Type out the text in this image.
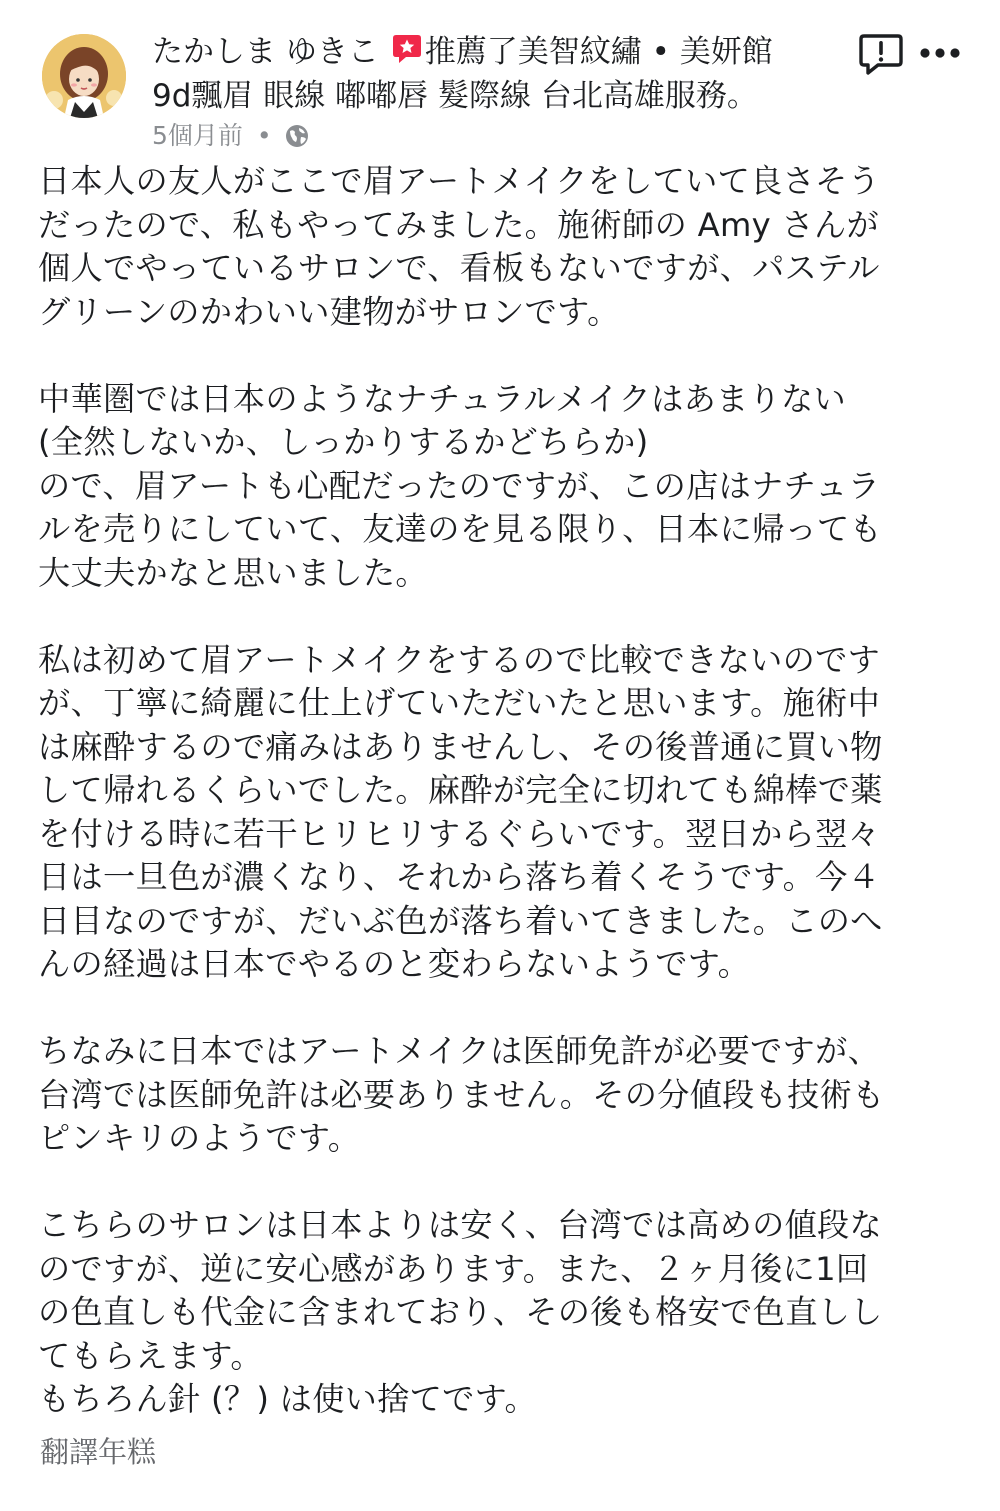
たかしま ゆきこ 推薦了美智紋繡 • 美妍館
9d飄眉 眼線 嘟嘟唇 髮際線 台北高雄服務。
5個月前 •

日本人の友人がここで眉アートメイクをしていて良さそう
だったので、私もやってみました。施術師の Amy さんが
個人でやっているサロンで、看板もないですが、パステル
グリーンのかわいい建物がサロンです。

中華圏では日本のようなナチュラルメイクはあまりない
(全然しないか、しっかりするかどちらか)
ので、眉アートも心配だったのですが、この店はナチュラ
ルを売りにしていて、友達のを見る限り、日本に帰っても
大丈夫かなと思いました。

私は初めて眉アートメイクをするので比較できないのです
が、丁寧に綺麗に仕上げていただいたと思います。施術中
は麻酔するので痛みはありませんし、その後普通に買い物
して帰れるくらいでした。麻酔が完全に切れても綿棒で薬
を付ける時に若干ヒリヒリするぐらいです。翌日から翌々
日は一旦色が濃くなり、それから落ち着くそうです。今４
日目なのですが、だいぶ色が落ち着いてきました。このへ
んの経過は日本でやるのと変わらないようです。

ちなみに日本ではアートメイクは医師免許が必要ですが、
台湾では医師免許は必要ありません。その分値段も技術も
ピンキリのようです。

こちらのサロンは日本よりは安く、台湾では高めの値段な
のですが、逆に安心感があります。また、２ヶ月後に1回
の色直しも代金に含まれており、その後も格安で色直しし
てもらえます。
もちろん針 (？) は使い捨てです。

翻譯年糕
